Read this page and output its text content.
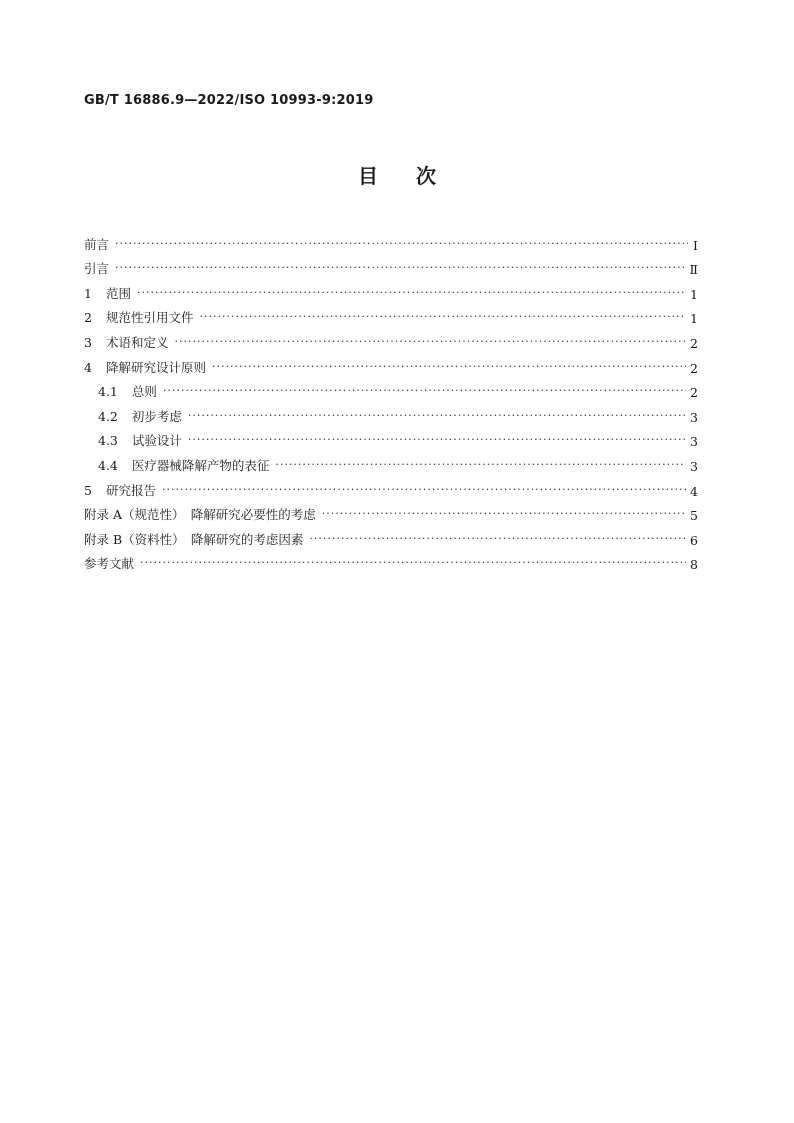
GB/T 16886.9—2022/ISO 10993-9:2019
目 次
前言 ·····	Ⅰ
引言 ·····	Ⅱ
1 范围 ·····	1
2 规范性引用文件 ·····	1
3 术语和定义 ·····	2
4 降解研究设计原则 ·····	2
4.1 总则 ·····	2
4.2 初步考虑 ·····	3
4.3 试验设计 ·····	3
4.4 医疗器械降解产物的表征 ·····	3
5 研究报告 ·····	4
附录 A（规范性）　降解研究必要性的考虑 ·····	5
附录 B（资料性）　降解研究的考虑因素 ·····	6
参考文献 ·····	8
